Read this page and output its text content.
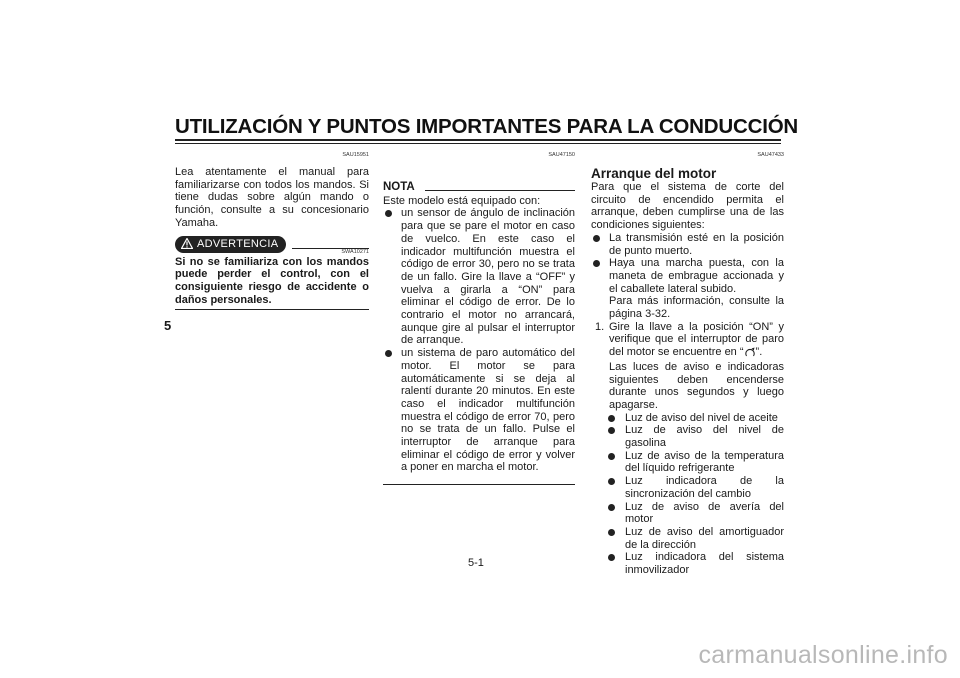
UTILIZACIÓN Y PUNTOS IMPORTANTES PARA LA CONDUCCIÓN
5
SAU15951

Lea atentamente el manual para familiarizarse con todos los mandos. Si tiene dudas sobre algún mando o función, consulte a su concesionario Yamaha.

ADVERTENCIA
SWA10271

Si no se familiariza con los mandos puede perder el control, con el consiguiente riesgo de accidente o daños personales.

SAU47150
NOTA

Este modelo está equipado con:

un sensor de ángulo de inclinación para que se pare el motor en caso de vuelco. En este caso el indicador multifunción muestra el código de error 30, pero no se trata de un fallo. Gire la llave a “OFF” y vuelva a girarla a “ON” para eliminar el código de error. De lo contrario el motor no arrancará, aunque gire al pulsar el interruptor de arranque.
un sistema de paro automático del motor. El motor se para automáticamente si se deja al ralentí durante 20 minutos. En este caso el indicador multifunción muestra el código de error 70, pero no se trata de un fallo. Pulse el interruptor de arranque para eliminar el código de error y volver a poner en marcha el motor.
SAU47433
Arranque del motor

Para que el sistema de corte del circuito de encendido permita el arranque, deben cumplirse una de las condiciones siguientes:

La transmisión esté en la posición de punto muerto.
Haya una marcha puesta, con la maneta de embrague accionada y el caballete lateral subido.
Para más información, consulte la página 3-32.
1. Gire la llave a la posición “ON” y verifique que el interruptor de paro del motor se encuentre en “ ”.
Las luces de aviso e indicadoras siguientes deben encenderse durante unos segundos y luego apagarse.
Luz de aviso del nivel de aceite
Luz de aviso del nivel de gasolina
Luz de aviso de la temperatura del líquido refrigerante
Luz indicadora de la sincronización del cambio
Luz de aviso de avería del motor
Luz de aviso del amortiguador de la dirección
Luz indicadora del sistema inmovilizador
5-1
carmanualsonline.info
